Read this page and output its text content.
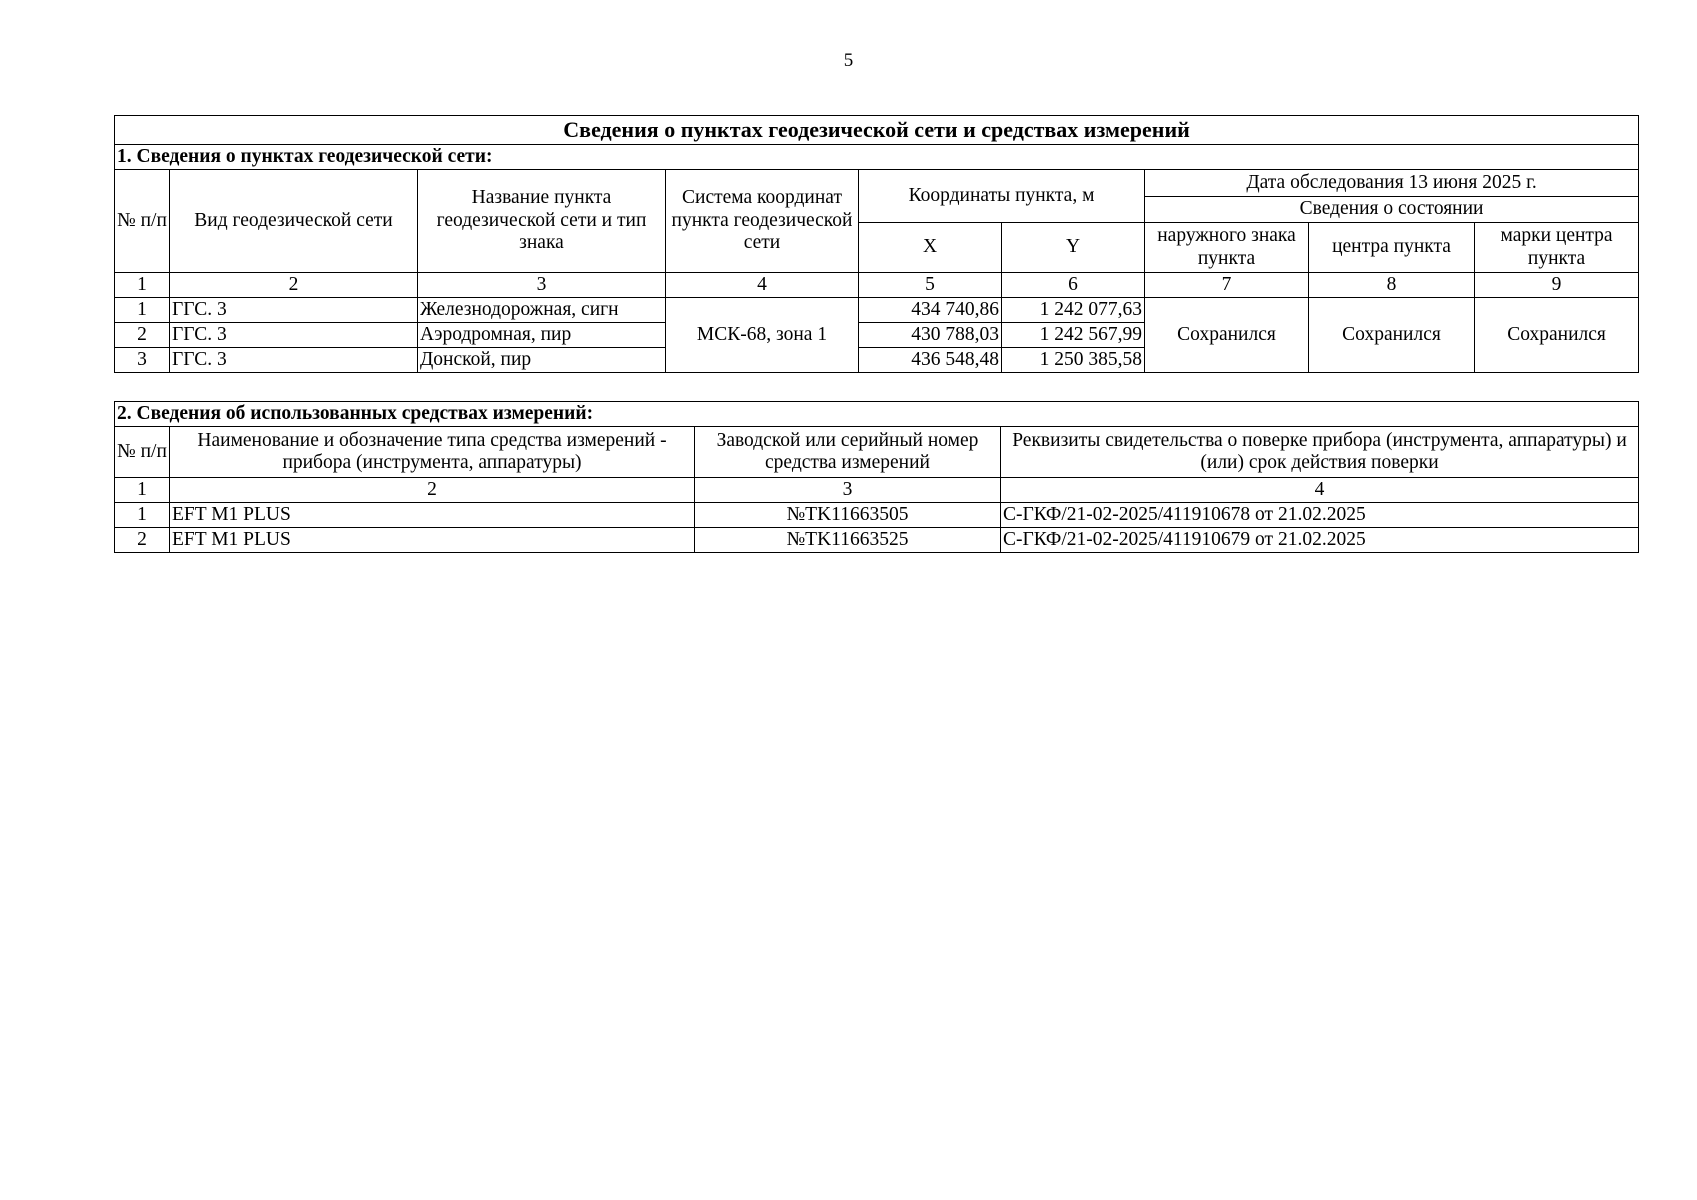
5
Сведения о пунктах геодезической сети и средствах измерений								
1. Сведения о пунктах геодезической сети:								
№ п/п	Вид геодезической сети	Название пункта геодезической сети и тип знака	Система координат пункта геодезической сети	Координаты пункта, м		Дата обследования 13 июня 2025 г.		
						Сведения о состоянии		
				X	Y	наружного знака пункта	центра пункта	марки центра пункта
1	2	3	4	5	6	7	8	9
1	ГГС. 3	Железнодорожная, сигн	МСК-68, зона 1	434 740,86	1 242 077,63	Сохранился	Сохранился	Сохранился
2	ГГС. 3	Аэродромная, пир		430 788,03	1 242 567,99			
3	ГГС. 3	Донской, пир		436 548,48	1 250 385,58			
2. Сведения об использованных средствах измерений:			
№ п/п	Наименование и обозначение типа средства измерений - прибора (инструмента, аппаратуры)	Заводской или серийный номер средства измерений	Реквизиты свидетельства о поверке прибора (инструмента, аппаратуры) и (или) срок действия поверки
1	2	3	4
1	EFT M1 PLUS	№TK11663505	С-ГКФ/21-02-2025/411910678 от 21.02.2025
2	EFT M1 PLUS	№TK11663525	С-ГКФ/21-02-2025/411910679 от 21.02.2025
